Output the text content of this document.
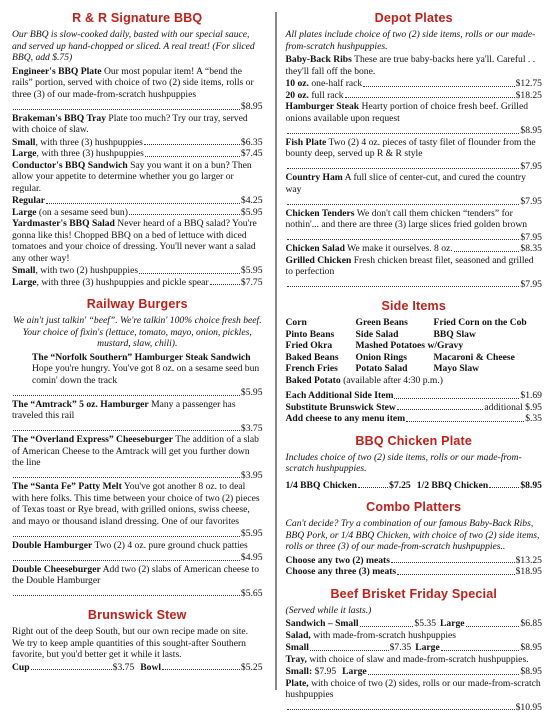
R & R Signature BBQ

Our BBQ is slow-cooked daily, basted with our special sauce, and served up hand-chopped or sliced. A real treat! (For sliced BBQ, add $.75)

Engineer's BBQ Plate Our most popular item! A “bend the rails” portion, served with choice of two (2) side items, rolls or three (3) of our made-from-scratch hushpuppies

$8.95

Brakeman's BBQ Tray Plate too much? Try our tray, served with choice of slaw.

Small, with three (3) hushpuppies	$6.35
Large, with three (3) hushpuppies	$7.45

Conductor's BBQ Sandwich Say you want it on a bun? Then allow your appetite to determine whether you go larger or regular.

Regular	$4.25
Large (on a sesame seed bun)	$5.95

Yardmaster's BBQ Salad Never heard of a BBQ salad? You're gonna like this! Chopped BBQ on a bed of lettuce with diced tomatoes and your choice of dressing. You'll never want a salad any other way!

Small, with two (2) hushpuppies	$5.95
Large, with three (3) hushpuppies and pickle spear	$7.75
Railway Burgers

We ain't just talkin' “beef”. We're talkin' 100% choice fresh beef. Your choice of fixin's (lettuce, tomato, mayo, onion, pickles, mustard, slaw, chili).

The “Norfolk Southern” Hamburger Steak Sandwich Hope you're hungry. You've got 8 oz. on a sesame seed bun comin' down the track

$5.95

The “Amtrack” 5 oz. Hamburger Many a passenger has traveled this rail

$3.75

The “Overland Express” Cheeseburger The addition of a slab of American Cheese to the Amtrack will get you further down the line

$3.95

The “Santa Fe” Patty Melt You've got another 8 oz. to deal with here folks. This time between your choice of two (2) pieces of Texas toast or Rye bread, with grilled onions, swiss cheese, and mayo or thousand island dressing. One of our favorites

$5.95

Double Hamburger Two (2) 4 oz. pure ground chuck patties

$4.95

Double Cheeseburger Add two (2) slabs of American cheese to the Double Hamburger

$5.65
Brunswick Stew

Right out of the deep South, but our own recipe made on site. We try to keep ample quantities of this sought-after Southern favorite, but you'd better get it while it lasts.

Cup	$3.75 Bowl	$5.25
Depot Plates

All plates include choice of two (2) side items, rolls or our made-from-scratch hushpuppies.

Baby-Back Ribs These are true baby-backs here ya'll. Careful . . they'll fall off the bone.

10 oz. one-half rack	$12.75
20 oz. full rack	$18.25

Hamburger Steak Hearty portion of choice fresh beef. Grilled onions available upon request

$8.95

Fish Plate Two (2) 4 oz. pieces of tasty filet of flounder from the bounty deep, served up R & R style

$7.95

Country Ham A full slice of center-cut, and cured the country way

$7.95

Chicken Tenders We don't call them chicken “tenders” for nothin'... and there are three (3) large slices fried golden brown

$7.95
Chicken Salad We make it ourselves. 8 oz.	$8.35

Grilled Chicken Fresh chicken breast filet, seasoned and grilled to perfection

$7.95
Side Items
Corn	Green Beans	Fried Corn on the Cob
Pinto Beans	Side Salad	BBQ Slaw
Fried Okra	Mashed Potatoes w/Gravy
Baked Beans	Onion Rings	Macaroni & Cheese
French Fries	Potato Salad	Mayo Slaw

Baked Potato (available after 4:30 p.m.)

Each Additional Side Item	$1.69
Substitute Brunswick Stew	additional $.95
Add cheese to any menu item	$.35
BBQ Chicken Plate

Includes choice of two (2) side items, rolls or our made-from-scratch hushpuppies.

1/4 BBQ Chicken	$7.25 1/2 BBQ Chicken	$8.95
Combo Platters

Can't decide? Try a combination of our famous Baby-Back Ribs, BBQ Pork, or 1/4 BBQ Chicken, with choice of two (2) side items, rolls or three (3) of our made-from-scratch hushpuppies..

Choose any two (2) meats	$13.25
Choose any three (3) meats	$18.95
Beef Brisket Friday Special

(Served while it lasts.)

Sandwich – Small	$5.35 Large	$6.85

Salad, with made-from-scratch hushpuppies

Small	$7.35 Large	$8.95

Tray, with choice of slaw and made-from-scratch hushpuppies.

Small: $7.95 Large	$8.95

Plate, with choice of two (2) sides, rolls or our made-from-scratch hushpuppies

$10.95
